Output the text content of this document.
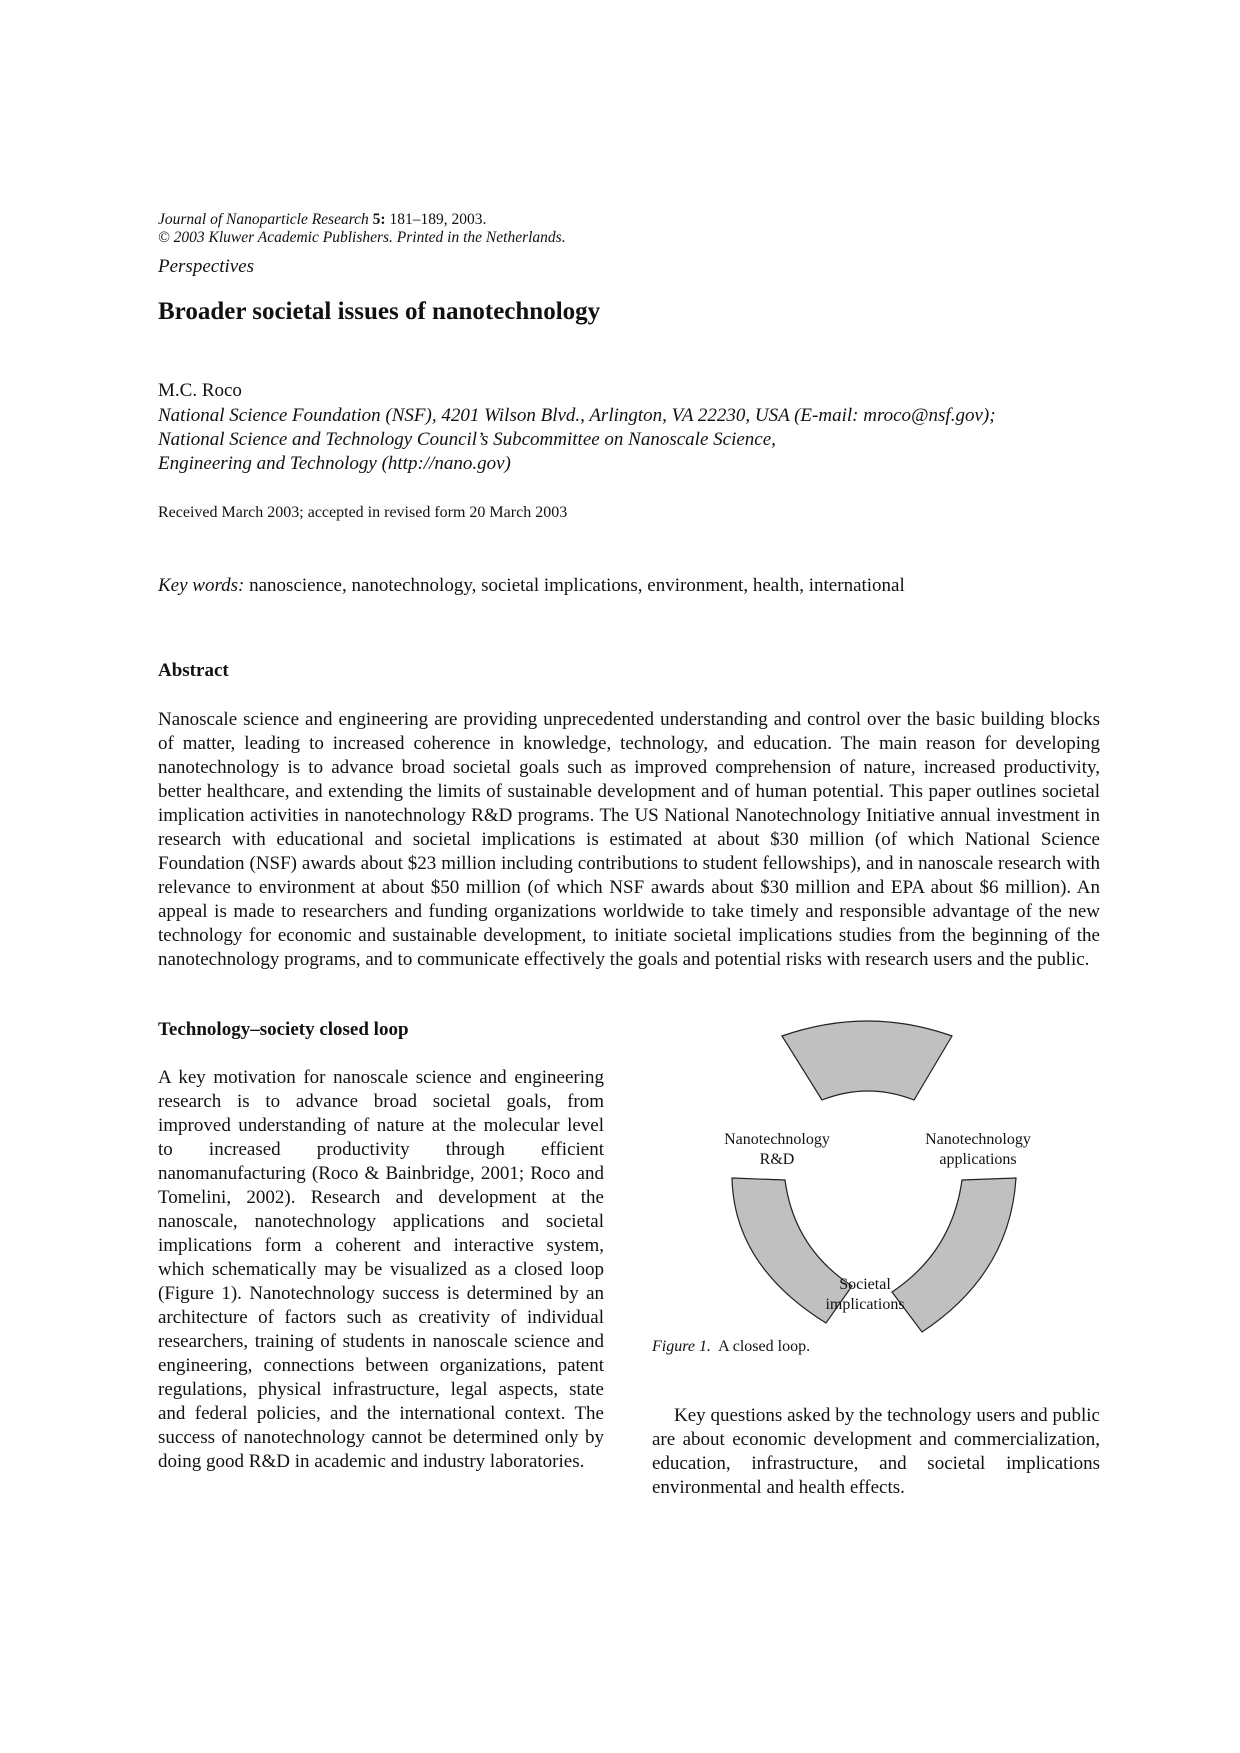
Journal of Nanoparticle Research 5: 181–189, 2003.
© 2003 Kluwer Academic Publishers. Printed in the Netherlands.
Perspectives
Broader societal issues of nanotechnology
M.C. Roco
National Science Foundation (NSF), 4201 Wilson Blvd., Arlington, VA 22230, USA (E-mail: mroco@nsf.gov);
National Science and Technology Council’s Subcommittee on Nanoscale Science,
Engineering and Technology (http://nano.gov)
Received March 2003; accepted in revised form 20 March 2003
Key words: nanoscience, nanotechnology, societal implications, environment, health, international
Abstract

Nanoscale science and engineering are providing unprecedented understanding and control over the basic building blocks of matter, leading to increased coherence in knowledge, technology, and education. The main reason for developing nanotechnology is to advance broad societal goals such as improved comprehension of nature, increased productivity, better healthcare, and extending the limits of sustainable development and of human potential. This paper outlines societal implication activities in nanotechnology R&D programs. The US National Nanotechnology Initiative annual investment in research with educational and societal implications is estimated at about $30 million (of which National Science Foundation (NSF) awards about $23 million including contributions to student fellowships), and in nanoscale research with relevance to environment at about $50 million (of which NSF awards about $30 million and EPA about $6 million). An appeal is made to researchers and funding organizations worldwide to take timely and responsible advantage of the new technology for economic and sustainable development, to initiate societal implications studies from the beginning of the nanotechnology programs, and to communicate effectively the goals and potential risks with research users and the public.

Technology–society closed loop

A key motivation for nanoscale science and engineering research is to advance broad societal goals, from improved understanding of nature at the molecular level to increased productivity through efficient nanomanufacturing (Roco & Bainbridge, 2001; Roco and Tomelini, 2002). Research and development at the nanoscale, nanotechnology applications and societal implications form a coherent and interactive system, which schematically may be visualized as a closed loop (Figure 1). Nanotechnology success is determined by an architecture of factors such as creativity of individual researchers, training of students in nanoscale science and engineering, connections between organizations, patent regulations, physical infrastructure, legal aspects, state and federal policies, and the international context. The success of nanotechnology cannot be determined only by doing good R&D in academic and industry laboratories.

Nanotechnology
R&D
Nanotechnology
applications
Societal
implications
Figure 1. A closed loop.

Key questions asked by the technology users and public are about economic development and commercialization, education, infrastructure, and societal implications environmental and health effects.
